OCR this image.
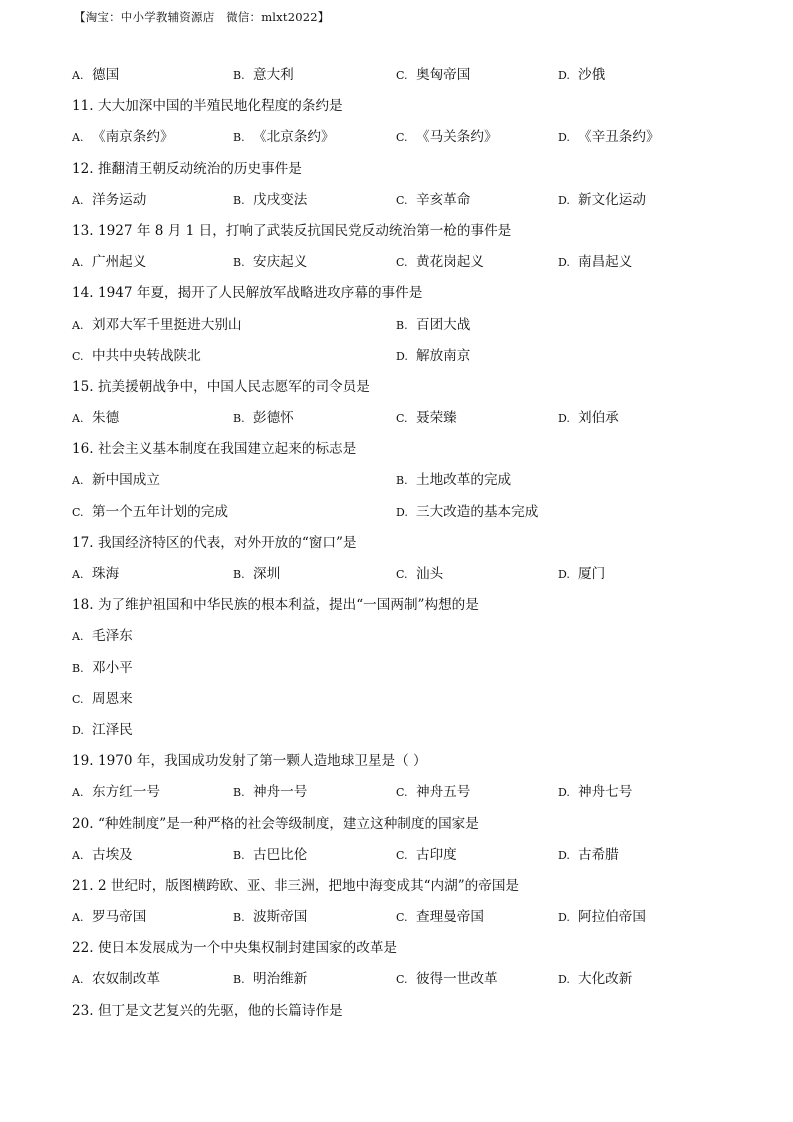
【淘宝：中小学教辅资源店　微信：mlxt2022】
A. 德国	B. 意大利	C. 奥匈帝国	D. 沙俄
11. 大大加深中国的半殖民地化程度的条约是
A. 《南京条约》	B. 《北京条约》	C. 《马关条约》	D. 《辛丑条约》
12. 推翻清王朝反动统治的历史事件是
A. 洋务运动	B. 戊戌变法	C. 辛亥革命	D. 新文化运动
13. 1927 年 8 月 1 日，打响了武装反抗国民党反动统治第一枪的事件是
A. 广州起义	B. 安庆起义	C. 黄花岗起义	D. 南昌起义
14. 1947 年夏，揭开了人民解放军战略进攻序幕的事件是
A. 刘邓大军千里挺进大别山	B. 百团大战
C. 中共中央转战陕北	D. 解放南京
15. 抗美援朝战争中，中国人民志愿军的司令员是
A. 朱德	B. 彭德怀	C. 聂荣臻	D. 刘伯承
16. 社会主义基本制度在我国建立起来的标志是
A. 新中国成立	B. 土地改革的完成
C. 第一个五年计划的完成	D. 三大改造的基本完成
17. 我国经济特区的代表，对外开放的“窗口”是
A. 珠海	B. 深圳	C. 汕头	D. 厦门
18. 为了维护祖国和中华民族的根本利益，提出“一国两制”构想的是
A. 毛泽东
B. 邓小平
C. 周恩来
D. 江泽民
19. 1970 年，我国成功发射了第一颗人造地球卫星是（ ）
A. 东方红一号	B. 神舟一号	C. 神舟五号	D. 神舟七号
20. “种姓制度”是一种严格的社会等级制度，建立这种制度的国家是
A. 古埃及	B. 古巴比伦	C. 古印度	D. 古希腊
21. 2 世纪时，版图横跨欧、亚、非三洲，把地中海变成其“内湖”的帝国是
A. 罗马帝国	B. 波斯帝国	C. 查理曼帝国	D. 阿拉伯帝国
22. 使日本发展成为一个中央集权制封建国家的改革是
A. 农奴制改革	B. 明治维新	C. 彼得一世改革	D. 大化改新
23. 但丁是文艺复兴的先驱，他的长篇诗作是
